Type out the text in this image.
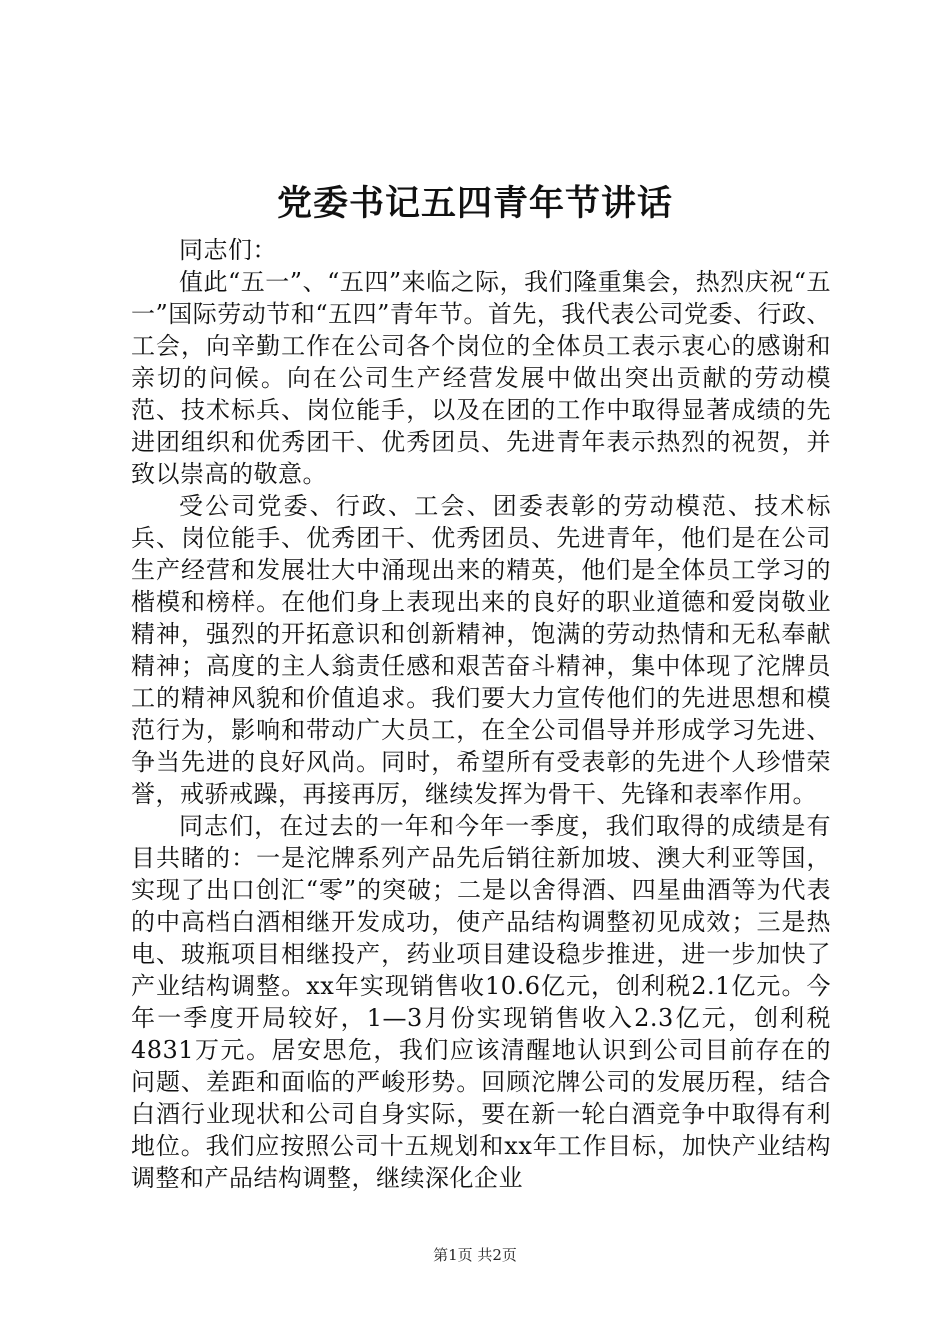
党委书记五四青年节讲话

同志们：

值此“五一”、“五四”来临之际，我们隆重集会，热烈庆祝“五一”国际劳动节和“五四”青年节。首先，我代表公司党委、行政、工会，向辛勤工作在公司各个岗位的全体员工表示衷心的感谢和亲切的问候。向在公司生产经营发展中做出突出贡献的劳动模范、技术标兵、岗位能手，以及在团的工作中取得显著成绩的先进团组织和优秀团干、优秀团员、先进青年表示热烈的祝贺，并致以崇高的敬意。

受公司党委、行政、工会、团委表彰的劳动模范、技术标兵、岗位能手、优秀团干、优秀团员、先进青年，他们是在公司生产经营和发展壮大中涌现出来的精英，他们是全体员工学习的楷模和榜样。在他们身上表现出来的良好的职业道德和爱岗敬业精神，强烈的开拓意识和创新精神，饱满的劳动热情和无私奉献精神；高度的主人翁责任感和艰苦奋斗精神，集中体现了沱牌员工的精神风貌和价值追求。我们要大力宣传他们的先进思想和模范行为，影响和带动广大员工，在全公司倡导并形成学习先进、争当先进的良好风尚。同时，希望所有受表彰的先进个人珍惜荣誉，戒骄戒躁，再接再厉，继续发挥为骨干、先锋和表率作用。

同志们，在过去的一年和今年一季度，我们取得的成绩是有目共睹的：一是沱牌系列产品先后销往新加坡、澳大利亚等国，实现了出口创汇“零”的突破；二是以舍得酒、四星曲酒等为代表的中高档白酒相继开发成功，使产品结构调整初见成效；三是热电、玻瓶项目相继投产，药业项目建设稳步推进，进一步加快了产业结构调整。xx年实现销售收10.6亿元，创利税2.1亿元。今年一季度开局较好，1—3月份实现销售收入2.3亿元，创利税4831万元。居安思危，我们应该清醒地认识到公司目前存在的问题、差距和面临的严峻形势。回顾沱牌公司的发展历程，结合白酒行业现状和公司自身实际，要在新一轮白酒竞争中取得有利地位。我们应按照公司十五规划和xx年工作目标，加快产业结构调整和产品结构调整，继续深化企业

第1页 共2页
